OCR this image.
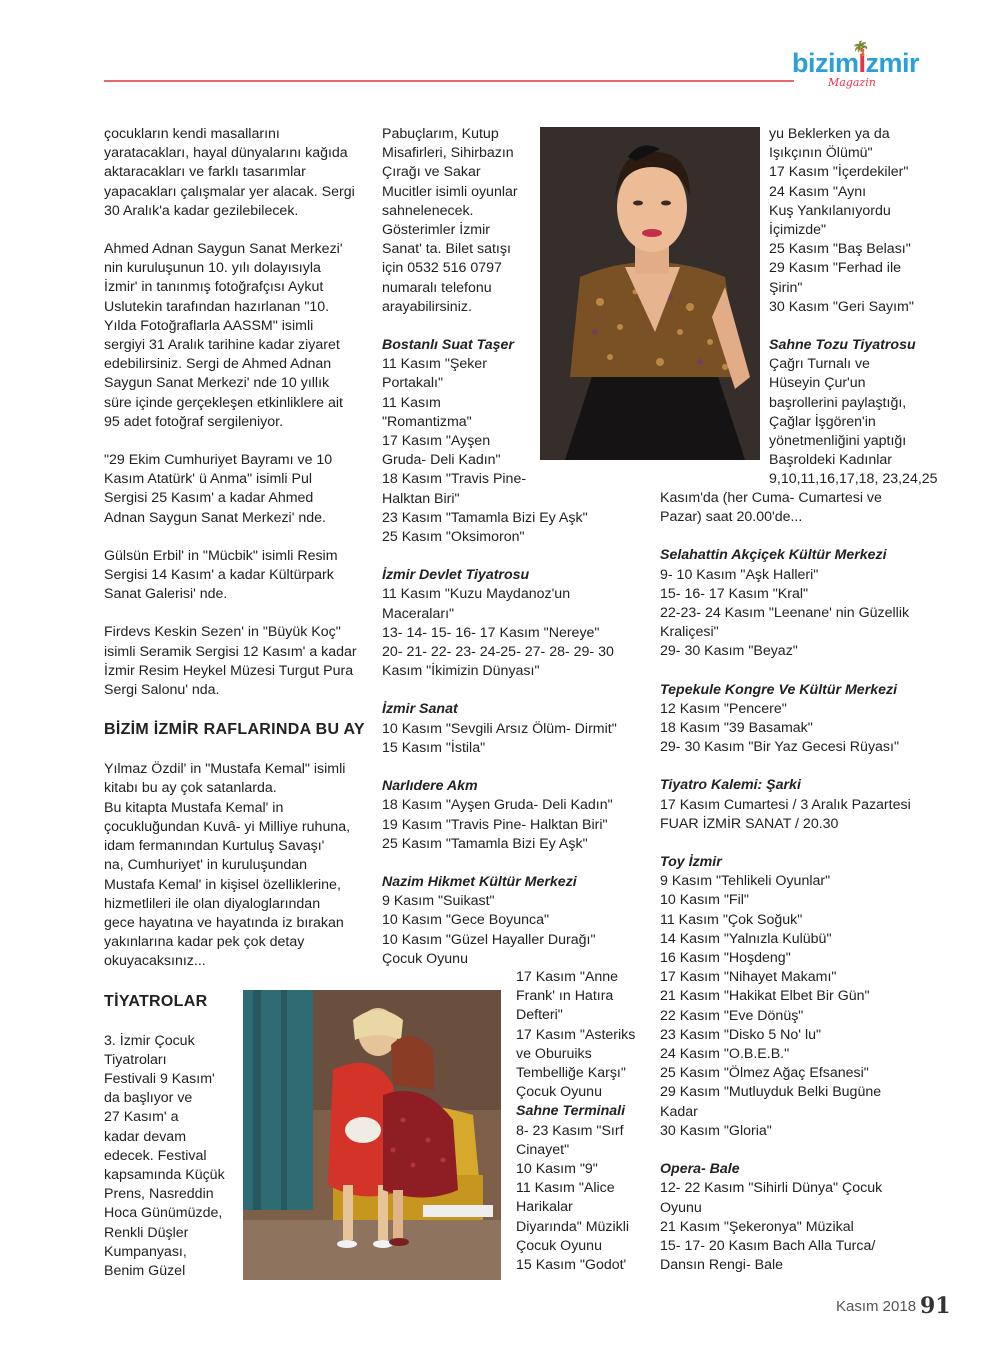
bizimİzmir
🌴
Magazin

çocukların kendi masallarını
yaratacakları, hayal dünyalarını kağıda
aktaracakları ve farklı tasarımlar
yapacakları çalışmalar yer alacak. Sergi
30 Aralık'a kadar gezilebilecek.

Ahmed Adnan Saygun Sanat Merkezi'
nin kuruluşunun 10. yılı dolayısıyla
İzmir' in tanınmış fotoğrafçısı Aykut
Uslutekin tarafından hazırlanan "10.
Yılda Fotoğraflarla AASSM" isimli
sergiyi 31 Aralık tarihine kadar ziyaret
edebilirsiniz. Sergi de Ahmed Adnan
Saygun Sanat Merkezi' nde 10 yıllık
süre içinde gerçekleşen etkinliklere ait
95 adet fotoğraf sergileniyor.

"29 Ekim Cumhuriyet Bayramı ve 10
Kasım Atatürk' ü Anma" isimli Pul
Sergisi 25 Kasım' a kadar Ahmed
Adnan Saygun Sanat Merkezi' nde.

Gülsün Erbil' in "Mücbik" isimli Resim
Sergisi 14 Kasım' a kadar Kültürpark
Sanat Galerisi' nde.

Firdevs Keskin Sezen' in "Büyük Koç"
isimli Seramik Sergisi 12 Kasım' a kadar
İzmir Resim Heykel Müzesi Turgut Pura
Sergi Salonu' nda.

BİZİM İZMİR RAFLARINDA BU AY

Yılmaz Özdil' in "Mustafa Kemal" isimli
kitabı bu ay çok satanlarda.
Bu kitapta Mustafa Kemal' in
çocukluğundan Kuvâ- yi Milliye ruhuna,
idam fermanından Kurtuluş Savaşı'
na, Cumhuriyet' in kuruluşundan
Mustafa Kemal' in kişisel özelliklerine,
hizmetlileri ile olan diyaloglarından
gece hayatına ve hayatında iz bırakan
yakınlarına kadar pek çok detay
okuyacaksınız...

TİYATROLAR

3. İzmir Çocuk
Tiyatroları
Festivali 9 Kasım'
da başlıyor ve
27 Kasım' a
kadar devam
edecek. Festival
kapsamında Küçük
Prens, Nasreddin
Hoca Günümüzde,
Renkli Düşler
Kumpanyası,
Benim Güzel

Pabuçlarım, Kutup
Misafirleri, Sihirbazın
Çırağı ve Sakar
Mucitler isimli oyunlar
sahnelenecek.
Gösterimler İzmir
Sanat' ta. Bilet satışı
için 0532 516 0797
numaralı telefonu
arayabilirsiniz.

Bostanlı Suat Taşer

11 Kasım "Şeker
Portakalı"
11 Kasım
"Romantizma"
17 Kasım "Ayşen
Gruda- Deli Kadın"
18 Kasım "Travis Pine-
Halktan Biri"
23 Kasım "Tamamla Bizi Ey Aşk"
25 Kasım "Oksimoron"

İzmir Devlet Tiyatrosu

11 Kasım "Kuzu Maydanoz'un
Maceraları"
13- 14- 15- 16- 17 Kasım "Nereye"
20- 21- 22- 23- 24-25- 27- 28- 29- 30
Kasım "İkimizin Dünyası"

İzmir Sanat

10 Kasım "Sevgili Arsız Ölüm- Dirmit"
15 Kasım "İstila"

Narlıdere Akm

18 Kasım "Ayşen Gruda- Deli Kadın"
19 Kasım "Travis Pine- Halktan Biri"
25 Kasım "Tamamla Bizi Ey Aşk"

Nazim Hikmet Kültür Merkezi

9 Kasım "Suikast"
10 Kasım "Gece Boyunca"
10 Kasım "Güzel Hayaller Durağı"
Çocuk Oyunu

17 Kasım "Anne
Frank' ın Hatıra
Defteri"
17 Kasım "Asteriks
ve Oburuiks
Tembelliğe Karşı"
Çocuk Oyunu

Sahne Terminali

8- 23 Kasım "Sırf
Cinayet"
10 Kasım "9"
11 Kasım "Alice
Harikalar
Diyarında" Müzikli
Çocuk Oyunu
15 Kasım "Godot'

yu Beklerken ya da
Işıkçının Ölümü"
17 Kasım "İçerdekiler"
24 Kasım "Aynı
Kuş Yankılanıyordu
İçimizde"
25 Kasım "Baş Belası"
29 Kasım "Ferhad ile
Şirin"
30 Kasım "Geri Sayım"

Sahne Tozu Tiyatrosu

Çağrı Turnalı ve
Hüseyin Çur'un
başrollerini paylaştığı,
Çağlar İşgören'in
yönetmenliğini yaptığı
Başroldeki Kadınlar
9,10,11,16,17,18, 23,24,25

Kasım'da (her Cuma- Cumartesi ve
Pazar) saat 20.00'de...

Selahattin Akçiçek Kültür Merkezi

9- 10 Kasım "Aşk Halleri"
15- 16- 17 Kasım "Kral"
22-23- 24 Kasım "Leenane' nin Güzellik
Kraliçesi"
29- 30 Kasım "Beyaz"

Tepekule Kongre Ve Kültür Merkezi

12 Kasım "Pencere"
18 Kasım "39 Basamak"
29- 30 Kasım "Bir Yaz Gecesi Rüyası"

Tiyatro Kalemi: Şarki

17 Kasım Cumartesi / 3 Aralık Pazartesi
FUAR İZMİR SANAT / 20.30

Toy İzmir

9 Kasım "Tehlikeli Oyunlar"
10 Kasım "Fil"
11 Kasım "Çok Soğuk"
14 Kasım "Yalnızla Kulübü"
16 Kasım "Hoşdeng"
17 Kasım "Nihayet Makamı"
21 Kasım "Hakikat Elbet Bir Gün"
22 Kasım "Eve Dönüş"
23 Kasım "Disko 5 No' lu"
24 Kasım "O.B.E.B."
25 Kasım "Ölmez Ağaç Efsanesi"
29 Kasım "Mutluyduk Belki Bugüne
Kadar
30 Kasım "Gloria"

Opera- Bale

12- 22 Kasım "Sihirli Dünya" Çocuk
Oyunu
21 Kasım "Şekeronya" Müzikal
15- 17- 20 Kasım Bach Alla Turca/
Dansın Rengi- Bale

Kasım 2018 91
